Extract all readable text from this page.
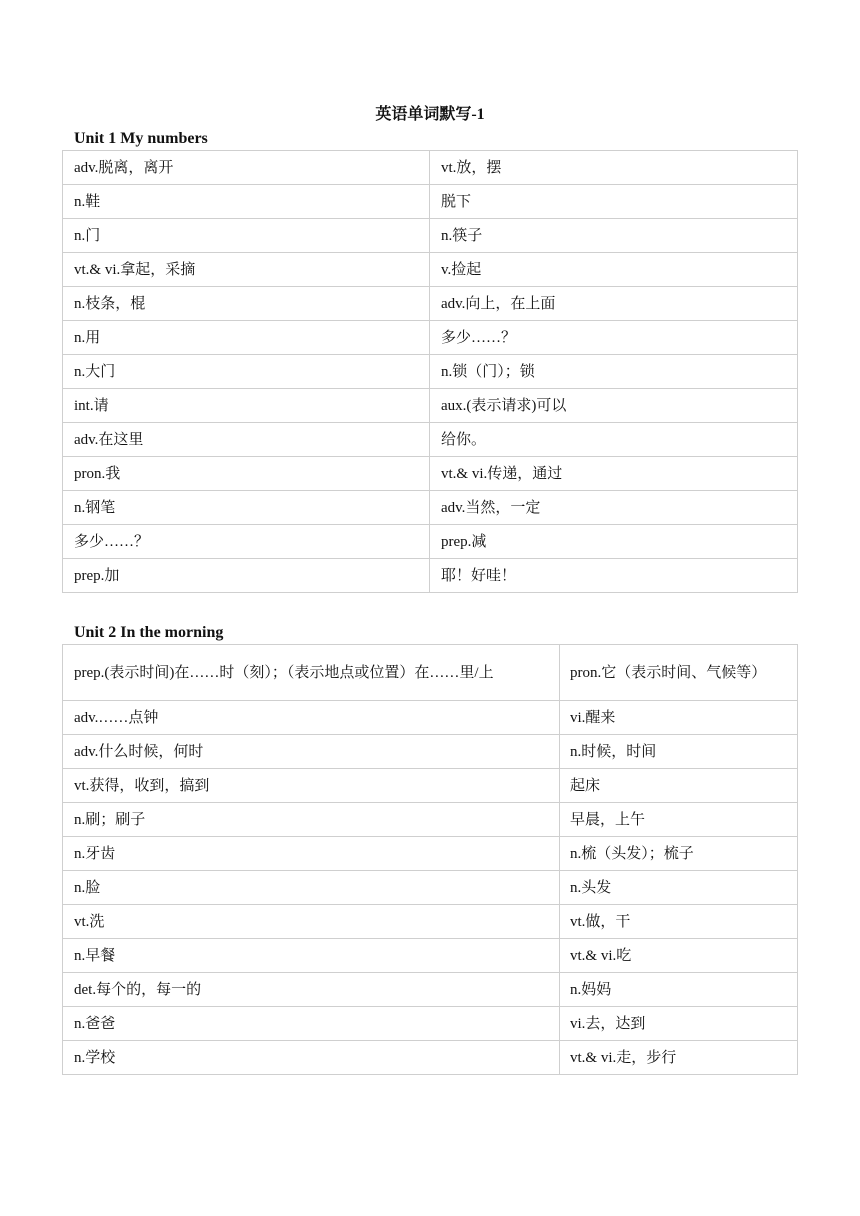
英语单词默写-1
Unit 1 My numbers
adv.脱离，离开	vt.放，摆
n.鞋	脱下
n.门	n.筷子
vt.& vi.拿起，采摘	v.捡起
n.枝条，棍	adv.向上，在上面
n.用	多少……？
n.大门	n.锁（门）；锁
int.请	aux.(表示请求)可以
adv.在这里	给你。
pron.我	vt.& vi.传递，通过
n.钢笔	adv.当然，一定
多少……？	prep.减
prep.加	耶！好哇！
Unit 2 In the morning
prep.(表示时间)在……时（刻）；（表示地点或位置）在……里/上	pron.它（表示时间、气候等）
adv.……点钟	vi.醒来
adv.什么时候，何时	n.时候，时间
vt.获得，收到，搞到	起床
n.刷；刷子	早晨，上午
n.牙齿	n.梳（头发）；梳子
n.脸	n.头发
vt.洗	vt.做，干
n.早餐	vt.& vi.吃
det.每个的，每一的	n.妈妈
n.爸爸	vi.去，达到
n.学校	vt.& vi.走，步行
